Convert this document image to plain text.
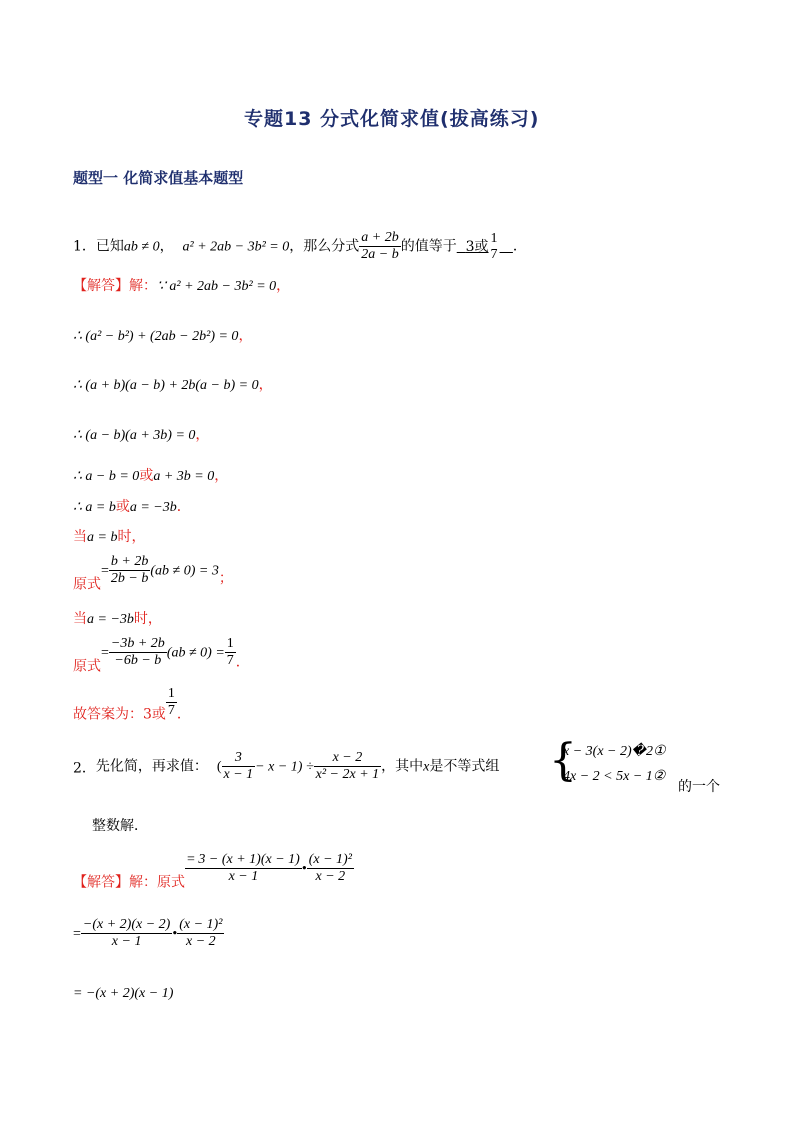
专题13 分式化简求值(拔高练习)
题型一 化简求值基本题型
1．已知ab ≠ 0， a² + 2ab − 3b² = 0，那么分式 $\frac{a + 2b}{2a - b}$ 的值等于 3或 1
7 ．
【解答】解：∵ a² + 2ab − 3b² = 0，
∴ (a² − b²) + (2ab − 2b²) = 0，
∴ (a + b)(a − b) + 2b(a − b) = 0，
∴ (a − b)(a + 3b) = 0，
∴ a − b = 0或a + 3b = 0，
∴ a = b或a = −3b．
当a = b时，
原式= $\frac{b + 2b}{2b - b} (ab \ne 0) = 3$；
当a = −3b时，
原式= $\frac{-3b + 2b}{-6b - b} (ab \ne 0) = \frac{1}{7}$ ．
故答案为：3或 $\frac{1}{7}$ ．
2．先化简，再求值： ( $\frac{3}{x - 1} - x - 1) \div \frac{x - 2}{\text{x² − 2x + 1}}$ ，其中x是不等式组 {
x − 3(x − 2)�2①
4x − 2 < 5x − 1②
的一个
整数解．
【解答】解：原式 $\frac{= 3 - (x + 1)(x - 1)}{x - 1}$ • $\frac{\text{(x − 1)²}}{x - 2}$
= $\frac{-(x + 2)(x - 2)}{x - 1}$ • $\frac{\text{(x − 1)²}}{x - 2}$
= −(x + 2)(x − 1)
